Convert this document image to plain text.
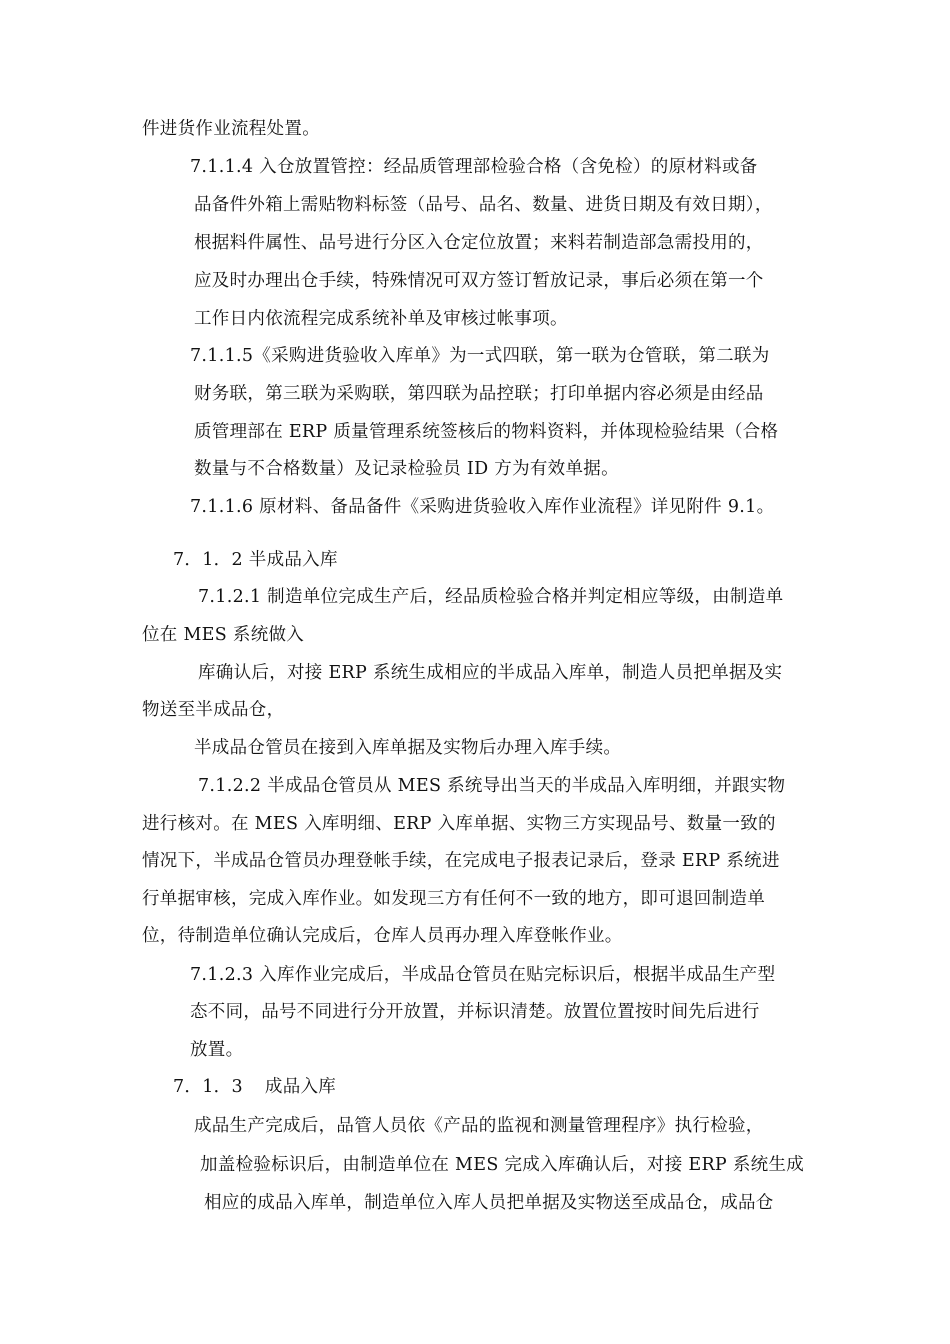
件进货作业流程处置。
7.1.1.4 入仓放置管控：经品质管理部检验合格（含免检）的原材料或备
品备件外箱上需贴物料标签（品号、品名、数量、进货日期及有效日期），
根据料件属性、品号进行分区入仓定位放置；来料若制造部急需投用的，
应及时办理出仓手续，特殊情况可双方签订暂放记录，事后必须在第一个
工作日内依流程完成系统补单及审核过帐事项。
7.1.1.5《采购进货验收入库单》为一式四联，第一联为仓管联，第二联为
财务联，第三联为采购联，第四联为品控联；打印单据内容必须是由经品
质管理部在 ERP 质量管理系统签核后的物料资料，并体现检验结果（合格
数量与不合格数量）及记录检验员 ID 方为有效单据。
7.1.1.6 原材料、备品备件《采购进货验收入库作业流程》详见附件 9.1。
7．1．2 半成品入库
7.1.2.1 制造单位完成生产后，经品质检验合格并判定相应等级，由制造单
位在 MES 系统做入
库确认后，对接 ERP 系统生成相应的半成品入库单，制造人员把单据及实
物送至半成品仓，
半成品仓管员在接到入库单据及实物后办理入库手续。
7.1.2.2 半成品仓管员从 MES 系统导出当天的半成品入库明细，并跟实物
进行核对。在 MES 入库明细、ERP 入库单据、实物三方实现品号、数量一致的
情况下，半成品仓管员办理登帐手续，在完成电子报表记录后，登录 ERP 系统进
行单据审核，完成入库作业。如发现三方有任何不一致的地方，即可退回制造单
位，待制造单位确认完成后，仓库人员再办理入库登帐作业。
7.1.2.3 入库作业完成后，半成品仓管员在贴完标识后，根据半成品生产型
态不同，品号不同进行分开放置，并标识清楚。放置位置按时间先后进行
放置。
7．1．3 成品入库
成品生产完成后，品管人员依《产品的监视和测量管理程序》执行检验，
加盖检验标识后，由制造单位在 MES 完成入库确认后，对接 ERP 系统生成
相应的成品入库单，制造单位入库人员把单据及实物送至成品仓，成品仓
